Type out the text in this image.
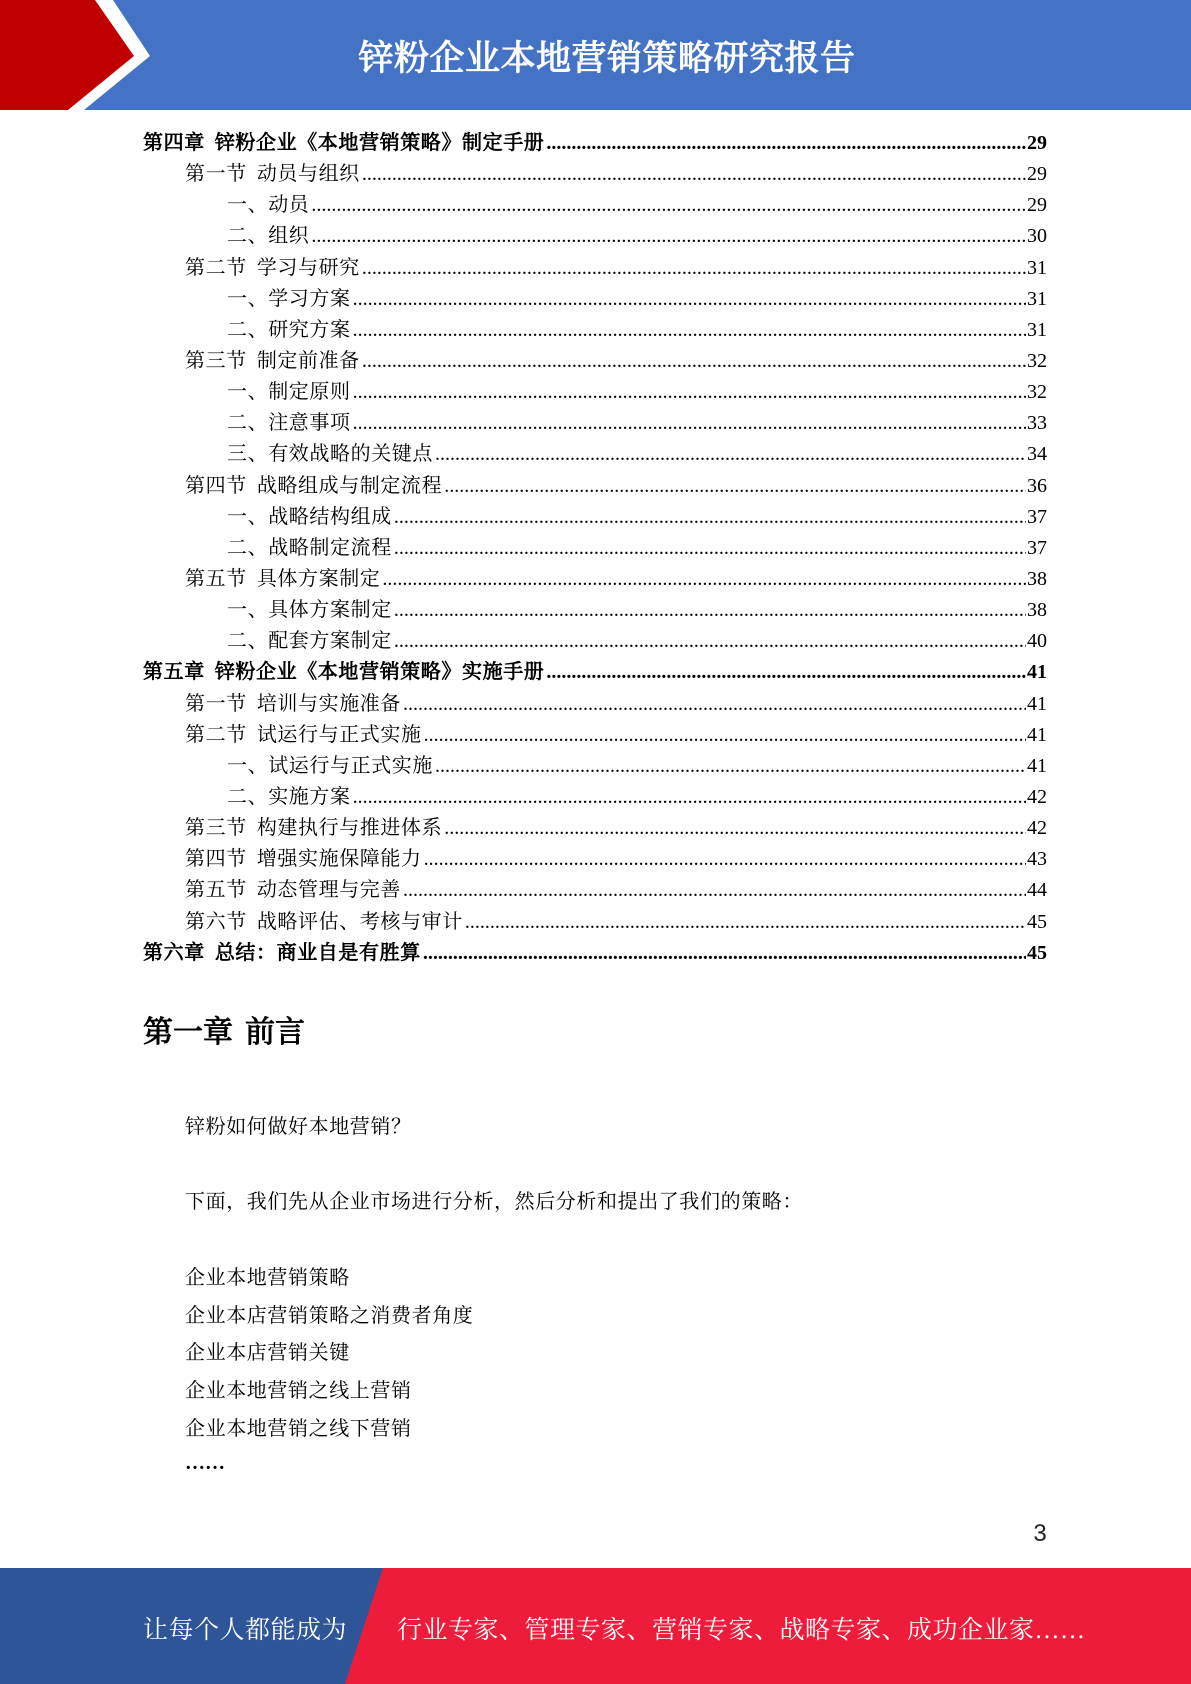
锌粉企业本地营销策略研究报告
第四章 锌粉企业《本地营销策略》制定手册 .....	29
第一节 动员与组织 .....	29
一、 动员 .....	29
二、 组织 .....	30
第二节 学习与研究 .....	31
一、 学习方案 .....	31
二、 研究方案 .....	31
第三节 制定前准备 .....	32
一、 制定原则 .....	32
二、 注意事项 .....	33
三、 有效战略的关键点 .....	34
第四节 战略组成与制定流程 .....	36
一、 战略结构组成 .....	37
二、 战略制定流程 .....	37
第五节 具体方案制定 .....	38
一、 具体方案制定 .....	38
二、 配套方案制定 .....	40
第五章 锌粉企业《本地营销策略》实施手册 .....	41
第一节 培训与实施准备 .....	41
第二节 试运行与正式实施 .....	41
一、 试运行与正式实施 .....	41
二、 实施方案 .....	42
第三节 构建执行与推进体系 .....	42
第四节 增强实施保障能力 .....	43
第五节 动态管理与完善 .....	44
第六节 战略评估、考核与审计 .....	45
第六章 总结：商业自是有胜算 .....	45
第一章 前言
锌粉如何做好本地营销？
下面，我们先从企业市场进行分析，然后分析和提出了我们的策略：
企业本地营销策略
企业本店营销策略之消费者角度
企业本店营销关键
企业本地营销之线上营销
企业本地营销之线下营销
……
3
让每个人都能成为 行业专家、管理专家、营销专家、战略专家、成功企业家……
